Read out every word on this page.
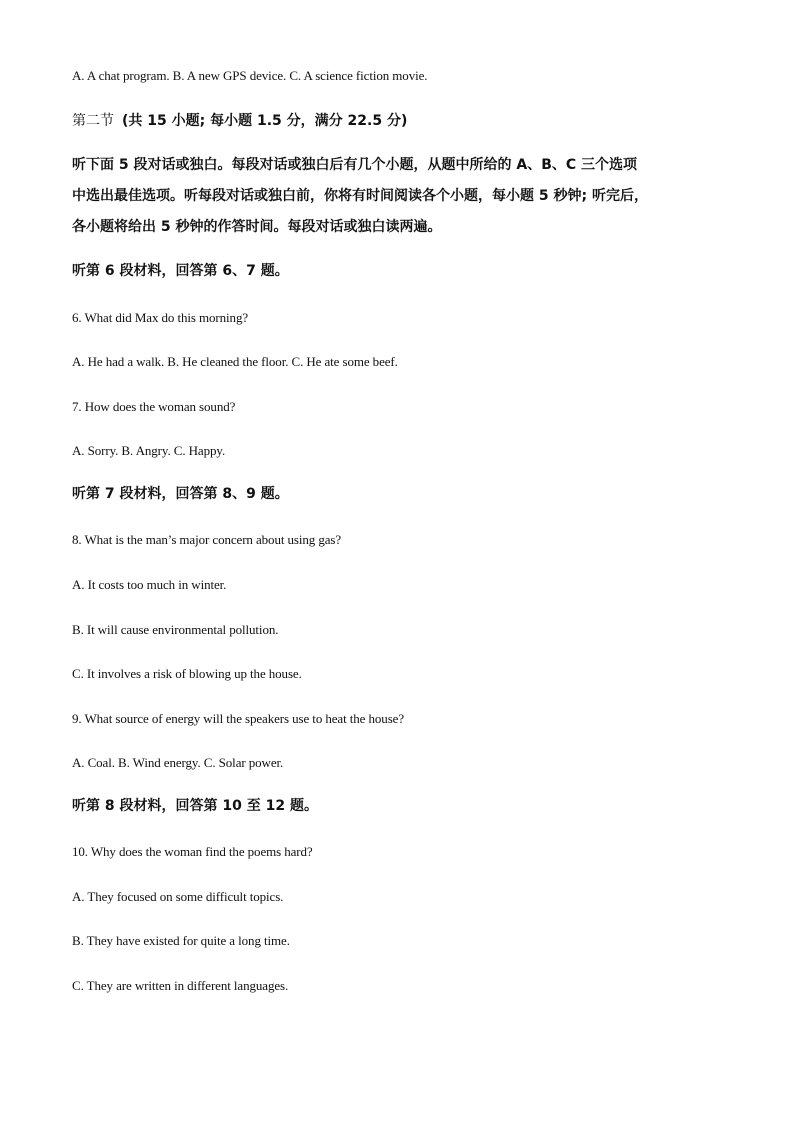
A. A chat program. B. A new GPS device. C. A science fiction movie.
第二节 (共 15 小题; 每小题 1.5 分，满分 22.5 分)
听下面 5 段对话或独白。每段对话或独白后有几个小题，从题中所给的 A、B、C 三个选项
中选出最佳选项。听每段对话或独白前，你将有时间阅读各个小题，每小题 5 秒钟; 听完后，
各小题将给出 5 秒钟的作答时间。每段对话或独白读两遍。
听第 6 段材料，回答第 6、7 题。
6. What did Max do this morning?
A. He had a walk. B. He cleaned the floor. C. He ate some beef.
7. How does the woman sound?
A. Sorry. B. Angry. C. Happy.
听第 7 段材料，回答第 8、9 题。
8. What is the man’s major concern about using gas?
A. It costs too much in winter.
B. It will cause environmental pollution.
C. It involves a risk of blowing up the house.
9. What source of energy will the speakers use to heat the house?
A. Coal. B. Wind energy. C. Solar power.
听第 8 段材料，回答第 10 至 12 题。
10. Why does the woman find the poems hard?
A. They focused on some difficult topics.
B. They have existed for quite a long time.
C. They are written in different languages.
